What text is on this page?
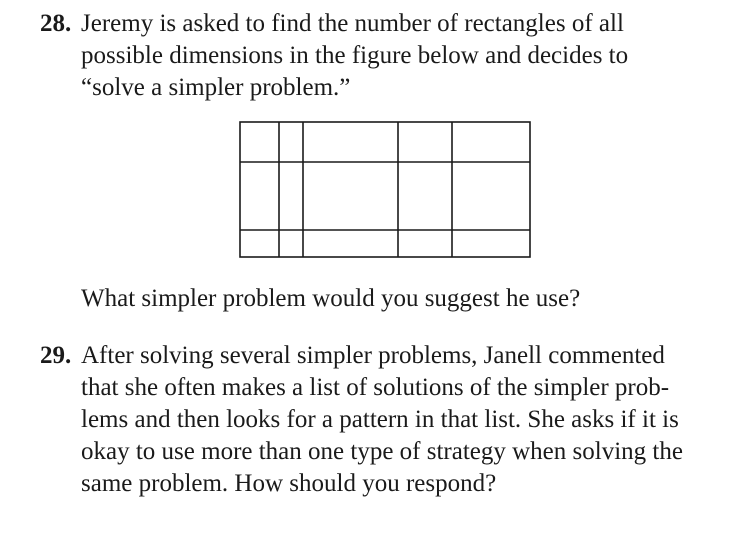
28. Jeremy is asked to find the number of rectangles of all
possible dimensions in the figure below and decides to
“solve a simpler problem.”
What simpler problem would you suggest he use?
29. After solving several simpler problems, Janell commented
that she often makes a list of solutions of the simpler prob-
lems and then looks for a pattern in that list. She asks if it is
okay to use more than one type of strategy when solving the
same problem. How should you respond?
